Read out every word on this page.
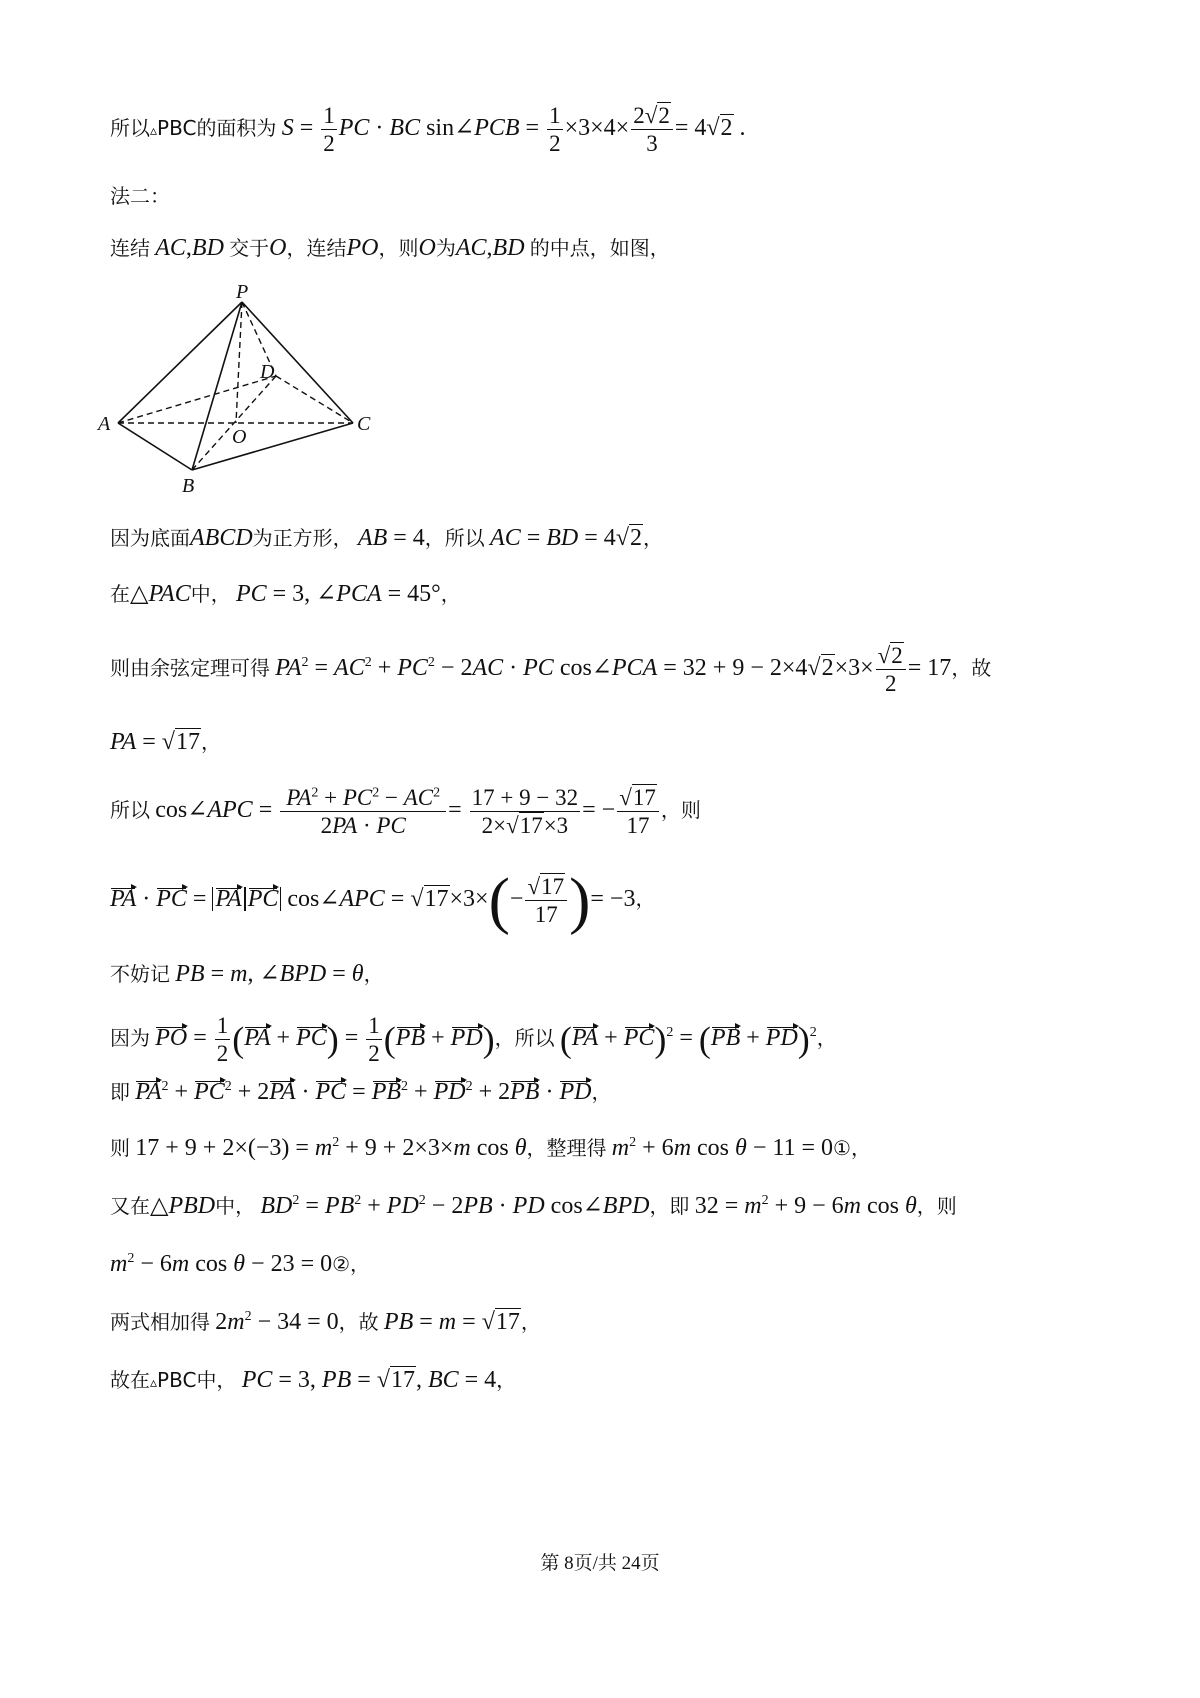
所以▵PBC的面积为 $S = \frac{1}{2}$ PC · BC sin∠PCB = $\frac{1}{2} \times 3\times 4\times \frac{2√2}{3} = 4√2$ .
法二：
连结 AC,BD 交于O，连结PO，则O为AC,BD 的中点，如图，
P
D
A
O
C
B
因为底面ABCD为正方形， AB = 4，所以 AC = BD = 4√2，
在△PAC中， PC = 3, ∠PCA = 45°，
则由余弦定理可得 $PA^2 = AC^2 + PC^2 - 2AC$ · PC cos∠PCA = $32 + 9 - 2\times 4√2\times 3\times \frac{√2}{2} = 17$，故
PA = √17，
所以 cos∠APC = $\frac{PA^2 + PC^2 - AC^2}{2PA \cdot PC} = \frac{17 + 9 - 32}{2\times√17\times 3}$ = − $\frac{√17}{17}$ ，则
PA · PC = PA PC cos∠APC = $√17\times 3\times(- \frac{√17}{17}$ )= −3，
不妨记 PB = m, ∠BPD = θ，
因为 PO = $\frac{1}{2} (PA + PC) = \frac{1}{2} (PB + PD)$，所以 (PA + PC)$^2$ = (PB + PD)$^2$，
即 $PA^2 + PC^2 + 2PA$ · PC = $PB^2 + PD^2 + 2PB$ · PD，
则 $17 + 9 + 2\times(-3) = m^2 + 9 + 2\times 3\times m$ cos θ，整理得 $m^2 + 6m$ cos θ − 11 = 0①，
又在△PBD中， $BD^2 = PB^2 + PD^2 - 2PB$ · PD cos∠BPD，即 $32 = m^2 + 9 - 6m$ cos θ，则
$m^2 - 6m$ cos θ − 23 = 0②，
两式相加得 $2m^2 - 34 = 0$，故 PB = m = √17，
故在▵PBC中， PC = 3, PB = √17, BC = 4，
第 8页/共 24页
